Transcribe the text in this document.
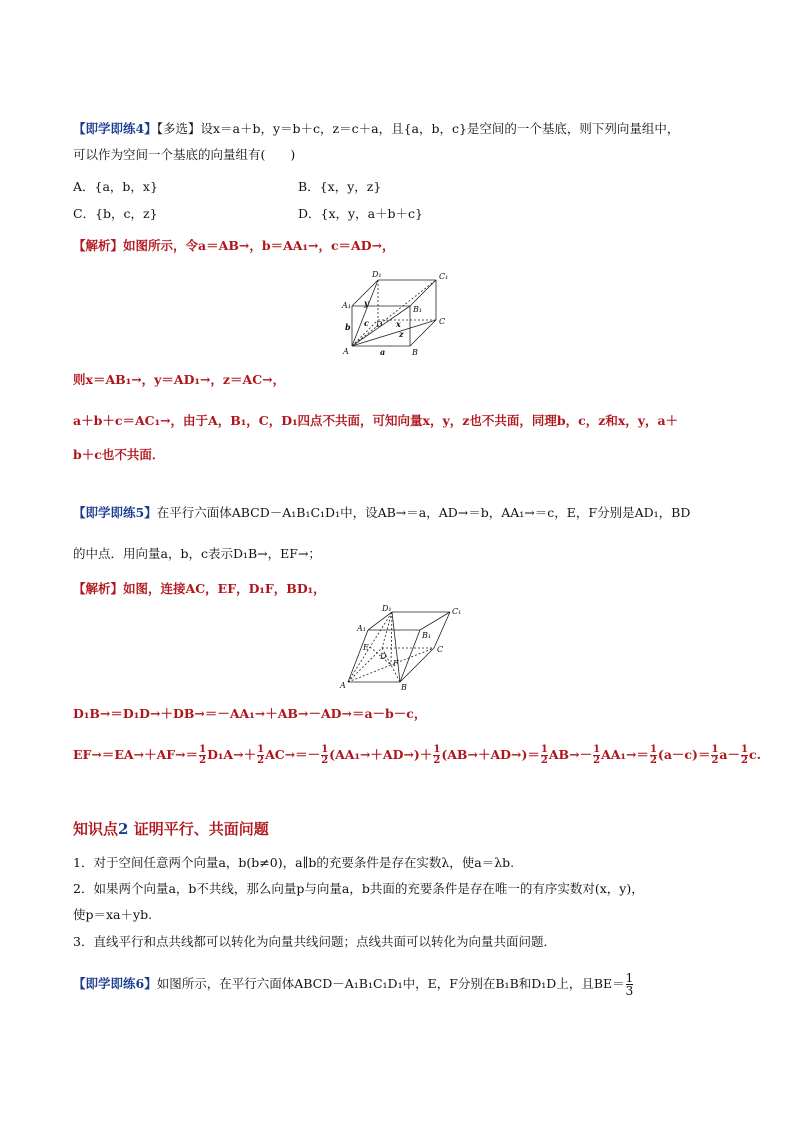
【即学即练4】【多选】设x＝a＋b，y＝b＋c，z＝c＋a，且{a，b，c}是空间的一个基底，则下列向量组中，
可以作为空间一个基底的向量组有(　　)
A．{a，b，x}	B．{x，y，z}
C．{b，c，z}	D．{x，y，a＋b＋c}
【解析】如图所示，令a＝AB→，b＝AA₁→，c＝AD→，
D₁	C₁
A₁	B₁
C
A	B
D
a
b c	x
y
z
则x＝AB₁→，y＝AD₁→，z＝AC→，
a＋b＋c＝AC₁→，由于A，B₁，C，D₁四点不共面，可知向量x，y，z也不共面，同理b，c，z和x，y，a＋
b＋c也不共面．
【即学即练5】在平行六面体ABCD－A₁B₁C₁D₁中，设AB→＝a，AD→＝b，AA₁→＝c，E，F分别是AD₁，BD
的中点．用向量a，b，c表示D₁B→，EF→；
【解析】如图，连接AC，EF，D₁F，BD₁，
D₁	C₁
A₁
B₁
C
A	B
D
E
F
D₁B→＝D₁D→＋DB→＝－AA₁→＋AB→－AD→＝a－b－c，
$EF\to=EA\to+AF\to= \frac{1}{2} D_1A\to+ \frac{1}{2} AC\to=- \frac{1}{2} (AA_1\to+AD\to)+ \frac{1}{2} (AB\to+AD\to)= \frac{1}{2} AB\to- \frac{1}{2} AA_1\to= \frac{1}{2} (a-c)= \frac{1}{2} a- \frac{1}{2} c$.
知识点2 证明平行、共面问题
1．对于空间任意两个向量a，b(b≠0)，a∥b的充要条件是存在实数λ，使a＝λb.
2．如果两个向量a，b不共线，那么向量p与向量a，b共面的充要条件是存在唯一的有序实数对(x，y)，
使p＝xa＋yb.
3．直线平行和点共线都可以转化为向量共线问题；点线共面可以转化为向量共面问题．
【即学即练6】如图所示，在平行六面体ABCD－A₁B₁C₁D₁中，E，F分别在B₁B和D₁D上，且$BE= \frac{1}{3}$
